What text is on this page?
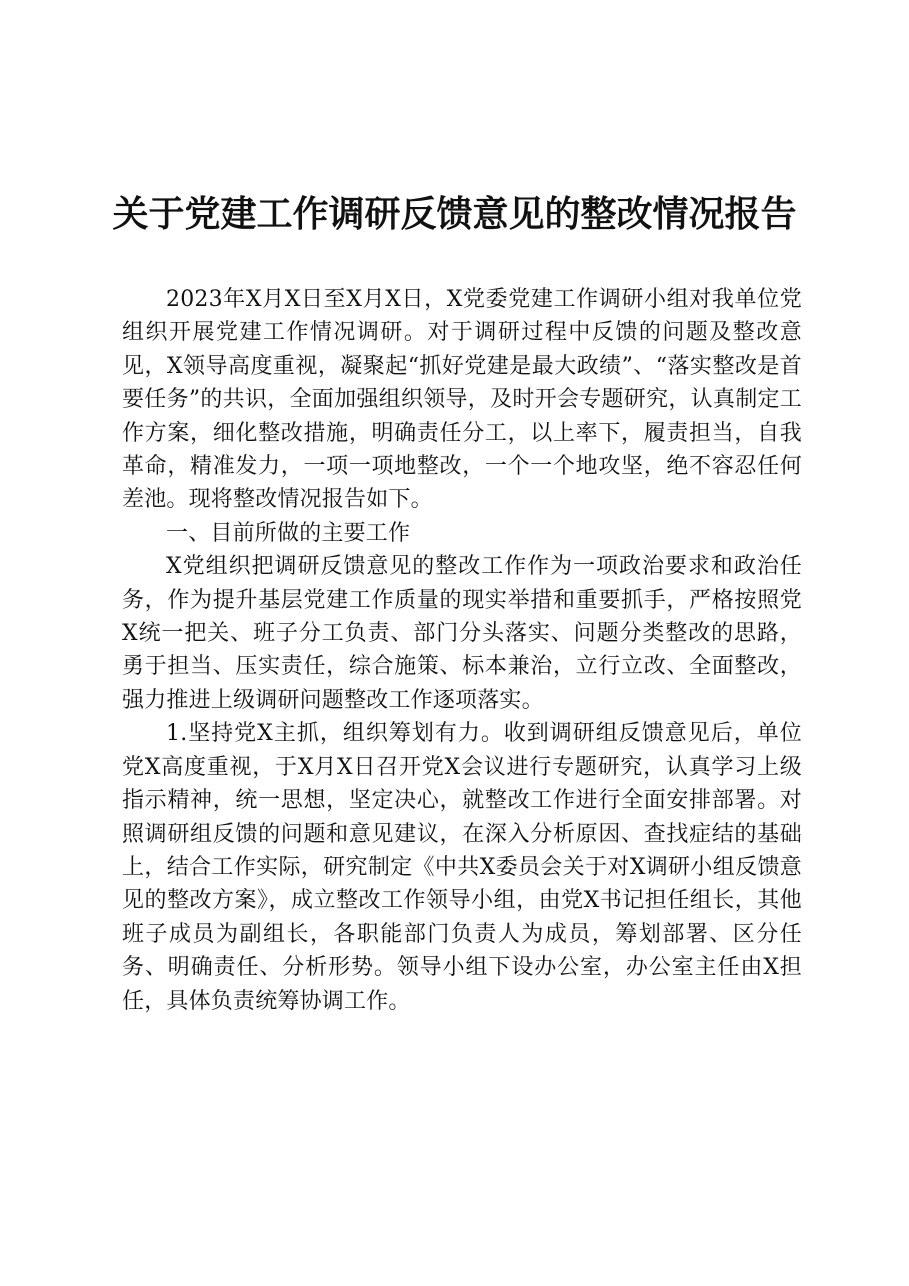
关于党建工作调研反馈意见的整改情况报告

2023年X月X日至X月X日，X党委党建工作调研小组对我单位党组织开展党建工作情况调研。对于调研过程中反馈的问题及整改意见，X领导高度重视，凝聚起“抓好党建是最大政绩”、“落实整改是首要任务”的共识，全面加强组织领导，及时开会专题研究，认真制定工作方案，细化整改措施，明确责任分工，以上率下，履责担当，自我革命，精准发力，一项一项地整改，一个一个地攻坚，绝不容忍任何差池。现将整改情况报告如下。

一、目前所做的主要工作

X党组织把调研反馈意见的整改工作作为一项政治要求和政治任务，作为提升基层党建工作质量的现实举措和重要抓手，严格按照党X统一把关、班子分工负责、部门分头落实、问题分类整改的思路，勇于担当、压实责任，综合施策、标本兼治，立行立改、全面整改，强力推进上级调研问题整改工作逐项落实。

1.坚持党X主抓，组织筹划有力。收到调研组反馈意见后，单位党X高度重视，于X月X日召开党X会议进行专题研究，认真学习上级指示精神，统一思想，坚定决心，就整改工作进行全面安排部署。对照调研组反馈的问题和意见建议，在深入分析原因、查找症结的基础上，结合工作实际，研究制定《中共X委员会关于对X调研小组反馈意见的整改方案》，成立整改工作领导小组，由党X书记担任组长，其他班子成员为副组长，各职能部门负责人为成员，筹划部署、区分任务、明确责任、分析形势。领导小组下设办公室，办公室主任由X担任，具体负责统筹协调工作。
